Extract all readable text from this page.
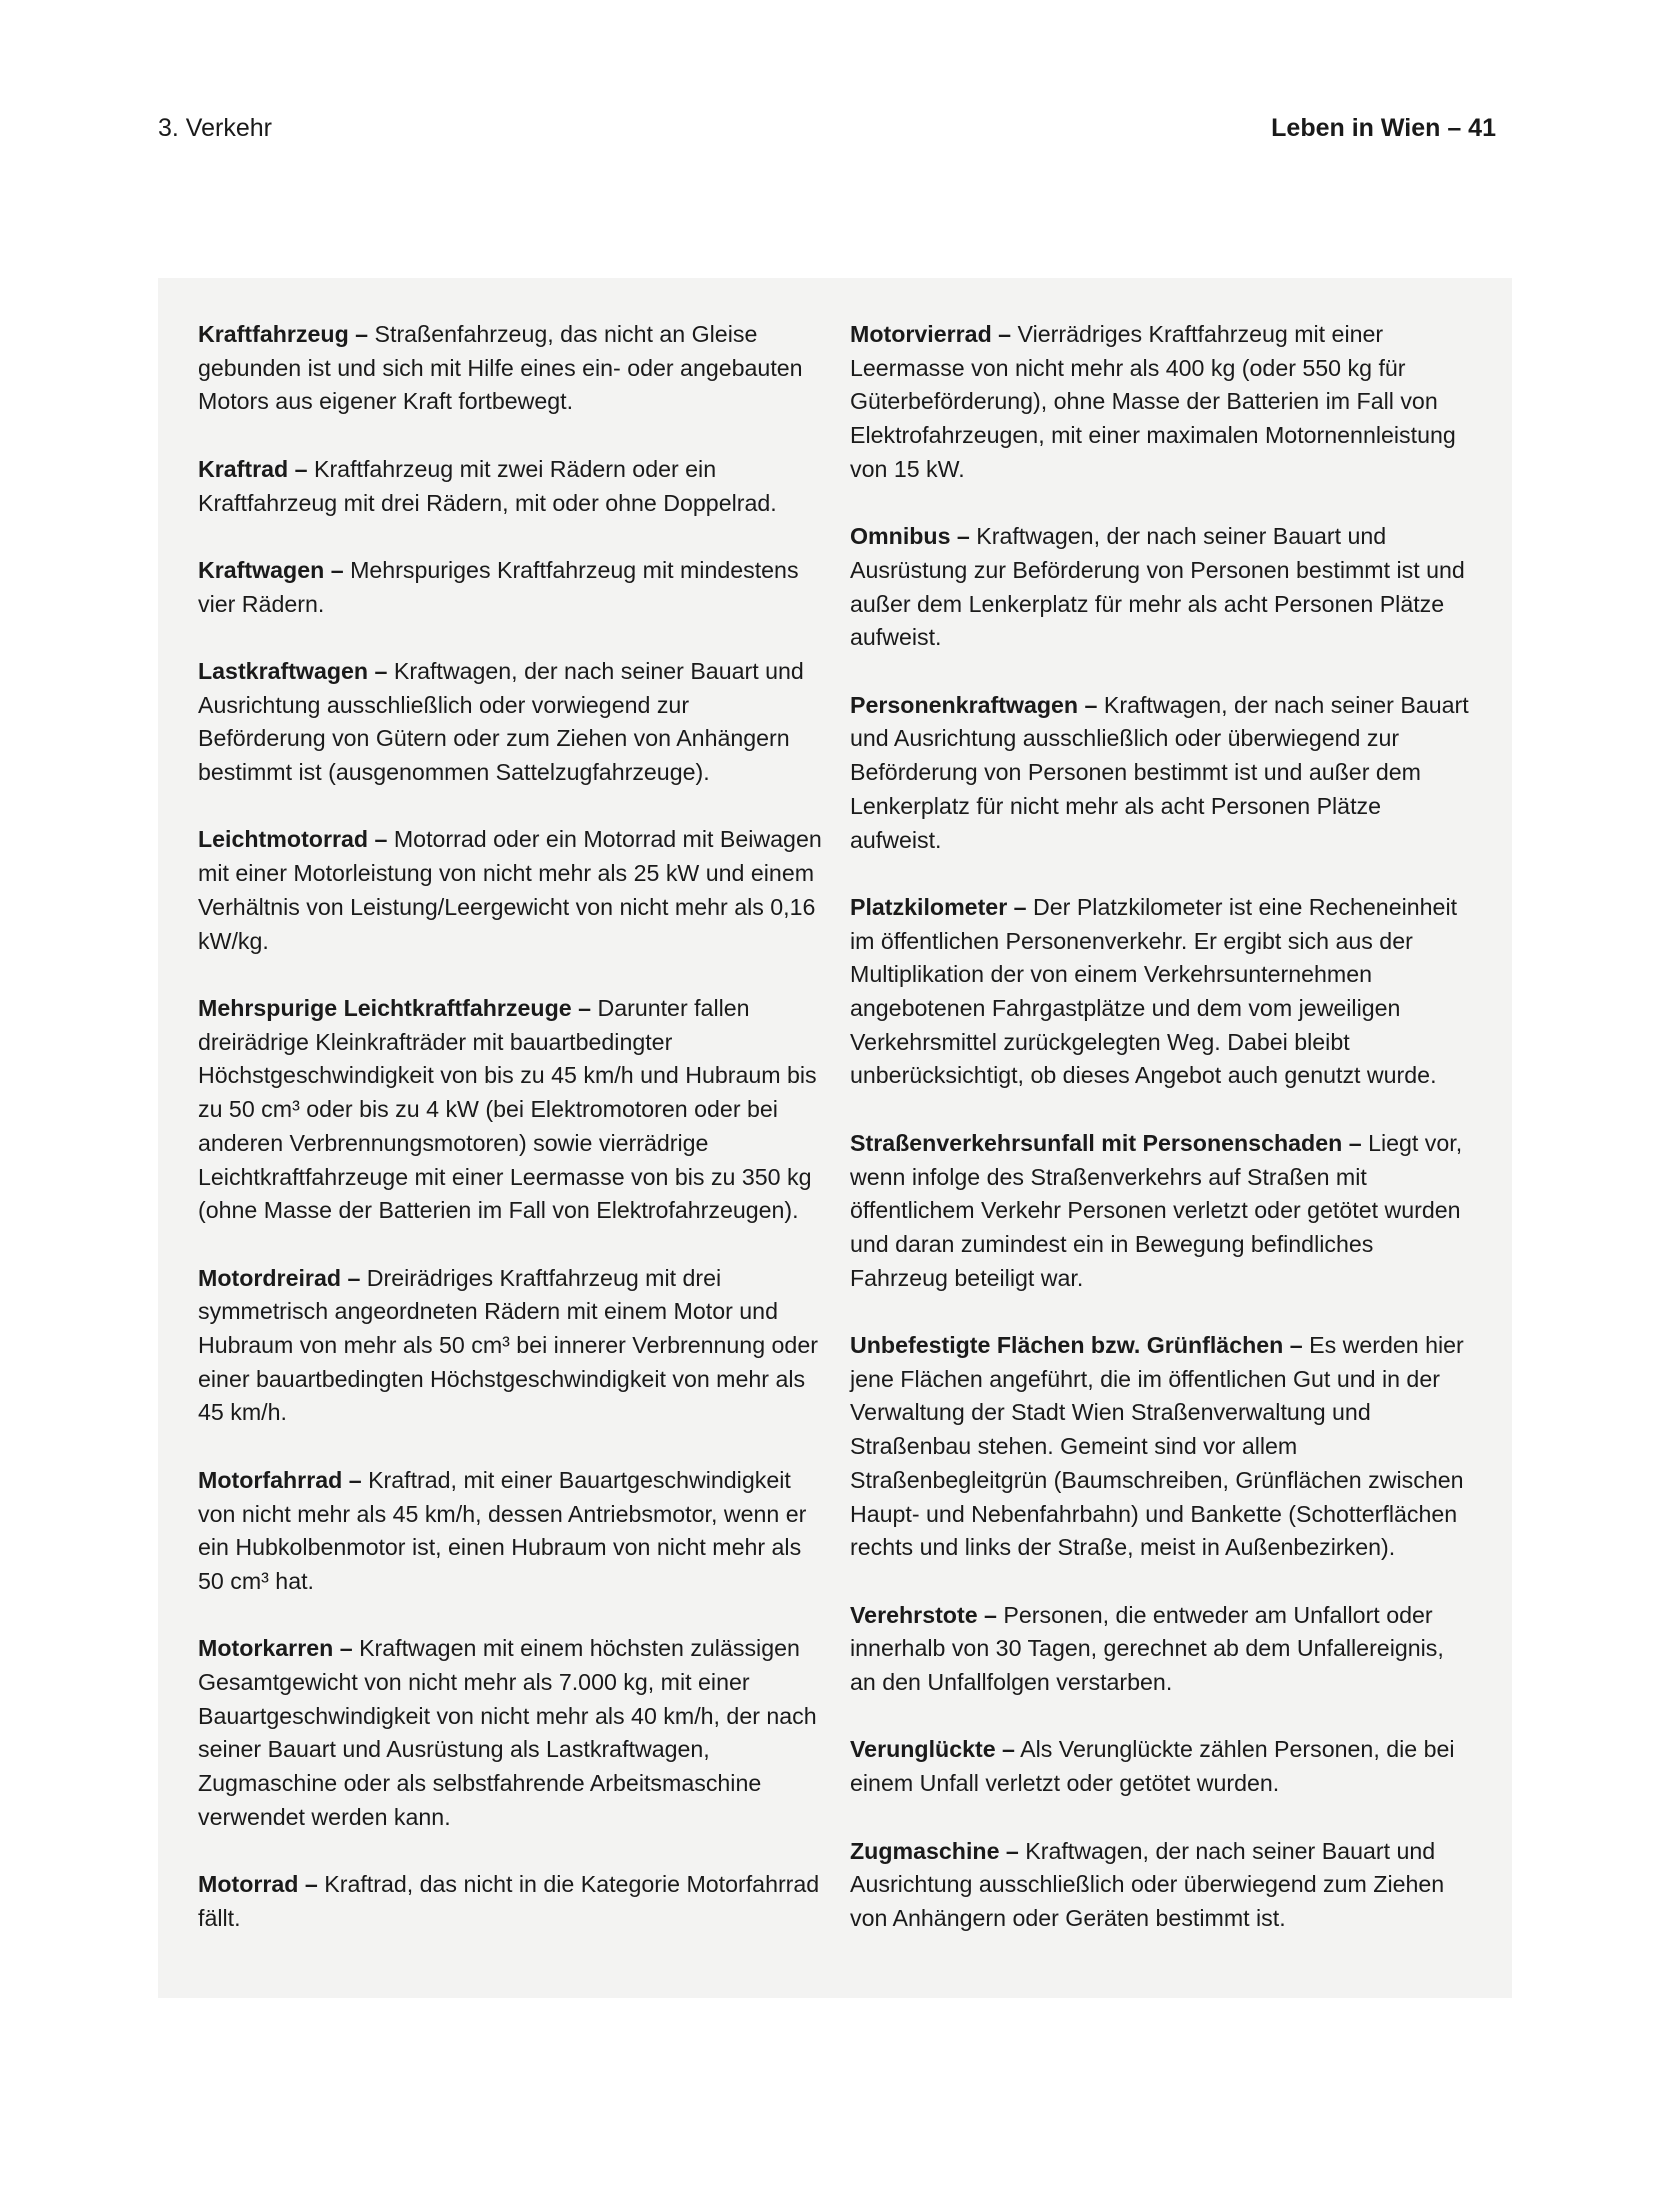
3. Verkehr	Leben in Wien – 41

Kraftfahrzeug – Straßenfahrzeug, das nicht an Gleise gebunden ist und sich mit Hilfe eines ein- oder angebauten Motors aus eigener Kraft fortbewegt.

Kraftrad – Kraftfahrzeug mit zwei Rädern oder ein Kraftfahrzeug mit drei Rädern, mit oder ohne Doppelrad.

Kraftwagen – Mehrspuriges Kraftfahrzeug mit mindestens vier Rädern.

Lastkraftwagen – Kraftwagen, der nach seiner Bauart und Ausrichtung ausschließlich oder vorwiegend zur Beförderung von Gütern oder zum Ziehen von Anhängern bestimmt ist (ausgenommen Sattelzugfahrzeuge).

Leichtmotorrad – Motorrad oder ein Motorrad mit Beiwagen mit einer Motorleistung von nicht mehr als 25 kW und einem Verhältnis von Leistung/Leergewicht von nicht mehr als 0,16 kW/kg.

Mehrspurige Leichtkraftfahrzeuge – Darunter fallen dreirädrige Kleinkrafträder mit bauartbedingter Höchstgeschwindigkeit von bis zu 45 km/h und Hubraum bis zu 50 cm³ oder bis zu 4 kW (bei Elektromotoren oder bei anderen Verbrennungsmotoren) sowie vierrädrige Leichtkraftfahrzeuge mit einer Leermasse von bis zu 350 kg (ohne Masse der Batterien im Fall von Elektrofahrzeugen).

Motordreirad – Dreirädriges Kraftfahrzeug mit drei symmetrisch angeordneten Rädern mit einem Motor und Hubraum von mehr als 50 cm³ bei innerer Verbrennung oder einer bauartbedingten Höchstgeschwindigkeit von mehr als 45 km/h.

Motorfahrrad – Kraftrad, mit einer Bauartgeschwindigkeit von nicht mehr als 45 km/h, dessen Antriebsmotor, wenn er ein Hubkolbenmotor ist, einen Hubraum von nicht mehr als 50 cm³ hat.

Motorkarren – Kraftwagen mit einem höchsten zulässigen Gesamtgewicht von nicht mehr als 7.000 kg, mit einer Bauartgeschwindigkeit von nicht mehr als 40 km/h, der nach seiner Bauart und Ausrüstung als Lastkraftwagen, Zugmaschine oder als selbstfahrende Arbeitsmaschine verwendet werden kann.

Motorrad – Kraftrad, das nicht in die Kategorie Motorfahrrad fällt.

Motorvierrad – Vierrädriges Kraftfahrzeug mit einer Leermasse von nicht mehr als 400 kg (oder 550 kg für Güterbeförderung), ohne Masse der Batterien im Fall von Elektrofahrzeugen, mit einer maximalen Motornennleistung von 15 kW.

Omnibus – Kraftwagen, der nach seiner Bauart und Ausrüstung zur Beförderung von Personen bestimmt ist und außer dem Lenkerplatz für mehr als acht Personen Plätze aufweist.

Personenkraftwagen – Kraftwagen, der nach seiner Bauart und Ausrichtung ausschließlich oder überwiegend zur Beförderung von Personen bestimmt ist und außer dem Lenkerplatz für nicht mehr als acht Personen Plätze aufweist.

Platzkilometer – Der Platzkilometer ist eine Recheneinheit im öffentlichen Personenverkehr. Er ergibt sich aus der Multiplikation der von einem Verkehrsunternehmen angebotenen Fahrgastplätze und dem vom jeweiligen Verkehrsmittel zurückgelegten Weg. Dabei bleibt unberücksichtigt, ob dieses Angebot auch genutzt wurde.

Straßenverkehrsunfall mit Personenschaden – Liegt vor, wenn infolge des Straßenverkehrs auf Straßen mit öffentlichem Verkehr Personen verletzt oder getötet wurden und daran zumindest ein in Bewegung befindliches Fahrzeug beteiligt war.

Unbefestigte Flächen bzw. Grünflächen – Es werden hier jene Flächen angeführt, die im öffentlichen Gut und in der Verwaltung der Stadt Wien Straßenverwaltung und Straßenbau stehen. Gemeint sind vor allem Straßenbegleitgrün (Baumschreiben, Grünflächen zwischen Haupt- und Nebenfahrbahn) und Bankette (Schotterflächen rechts und links der Straße, meist in Außenbezirken).

Verehrstote – Personen, die entweder am Unfallort oder innerhalb von 30 Tagen, gerechnet ab dem Unfallereignis, an den Unfallfolgen verstarben.

Verunglückte – Als Verunglückte zählen Personen, die bei einem Unfall verletzt oder getötet wurden.

Zugmaschine – Kraftwagen, der nach seiner Bauart und Ausrichtung ausschließlich oder überwiegend zum Ziehen von Anhängern oder Geräten bestimmt ist.
